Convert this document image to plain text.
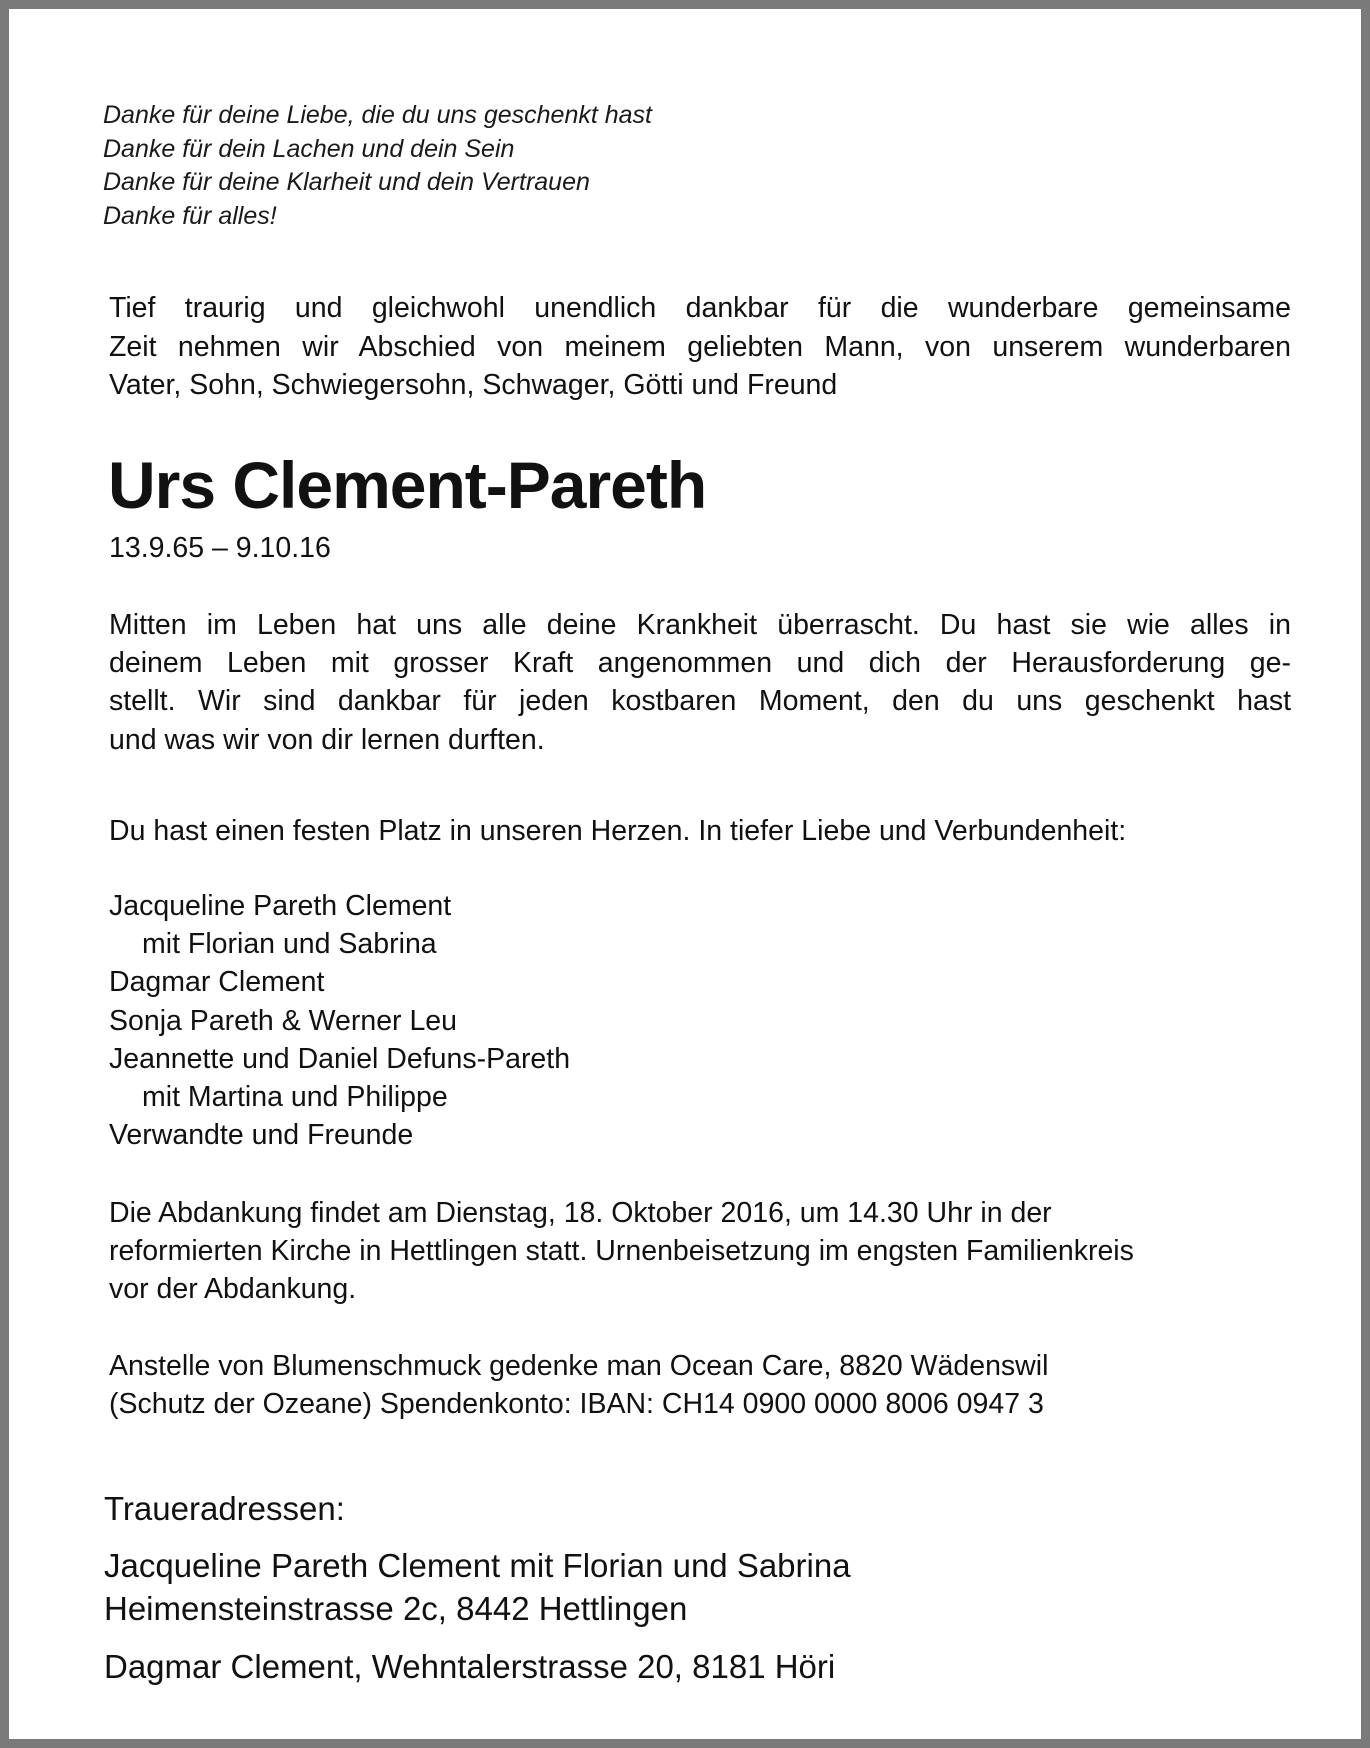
Danke für deine Liebe, die du uns geschenkt hast
Danke für dein Lachen und dein Sein
Danke für deine Klarheit und dein Vertrauen
Danke für alles!
Tief traurig und gleichwohl unendlich dankbar für die wunderbare gemeinsame
Zeit nehmen wir Abschied von meinem geliebten Mann, von unserem wunderbaren
Vater, Sohn, Schwiegersohn, Schwager, Götti und Freund
Urs Clement-Pareth
13.9.65 – 9.10.16
Mitten im Leben hat uns alle deine Krankheit überrascht. Du hast sie wie alles in
deinem Leben mit grosser Kraft angenommen und dich der Herausforderung ge-
stellt. Wir sind dankbar für jeden kostbaren Moment, den du uns geschenkt hast
und was wir von dir lernen durften.
Du hast einen festen Platz in unseren Herzen. In tiefer Liebe und Verbundenheit:
Jacqueline Pareth Clement
mit Florian und Sabrina
Dagmar Clement
Sonja Pareth & Werner Leu
Jeannette und Daniel Defuns-Pareth
mit Martina und Philippe
Verwandte und Freunde
Die Abdankung findet am Dienstag, 18. Oktober 2016, um 14.30 Uhr in der
reformierten Kirche in Hettlingen statt. Urnenbeisetzung im engsten Familienkreis
vor der Abdankung.
Anstelle von Blumenschmuck gedenke man Ocean Care, 8820 Wädenswil
(Schutz der Ozeane) Spendenkonto: IBAN: CH14 0900 0000 8006 0947 3
Traueradressen:
Jacqueline Pareth Clement mit Florian und Sabrina
Heimensteinstrasse 2c, 8442 Hettlingen
Dagmar Clement, Wehntalerstrasse 20, 8181 Höri
